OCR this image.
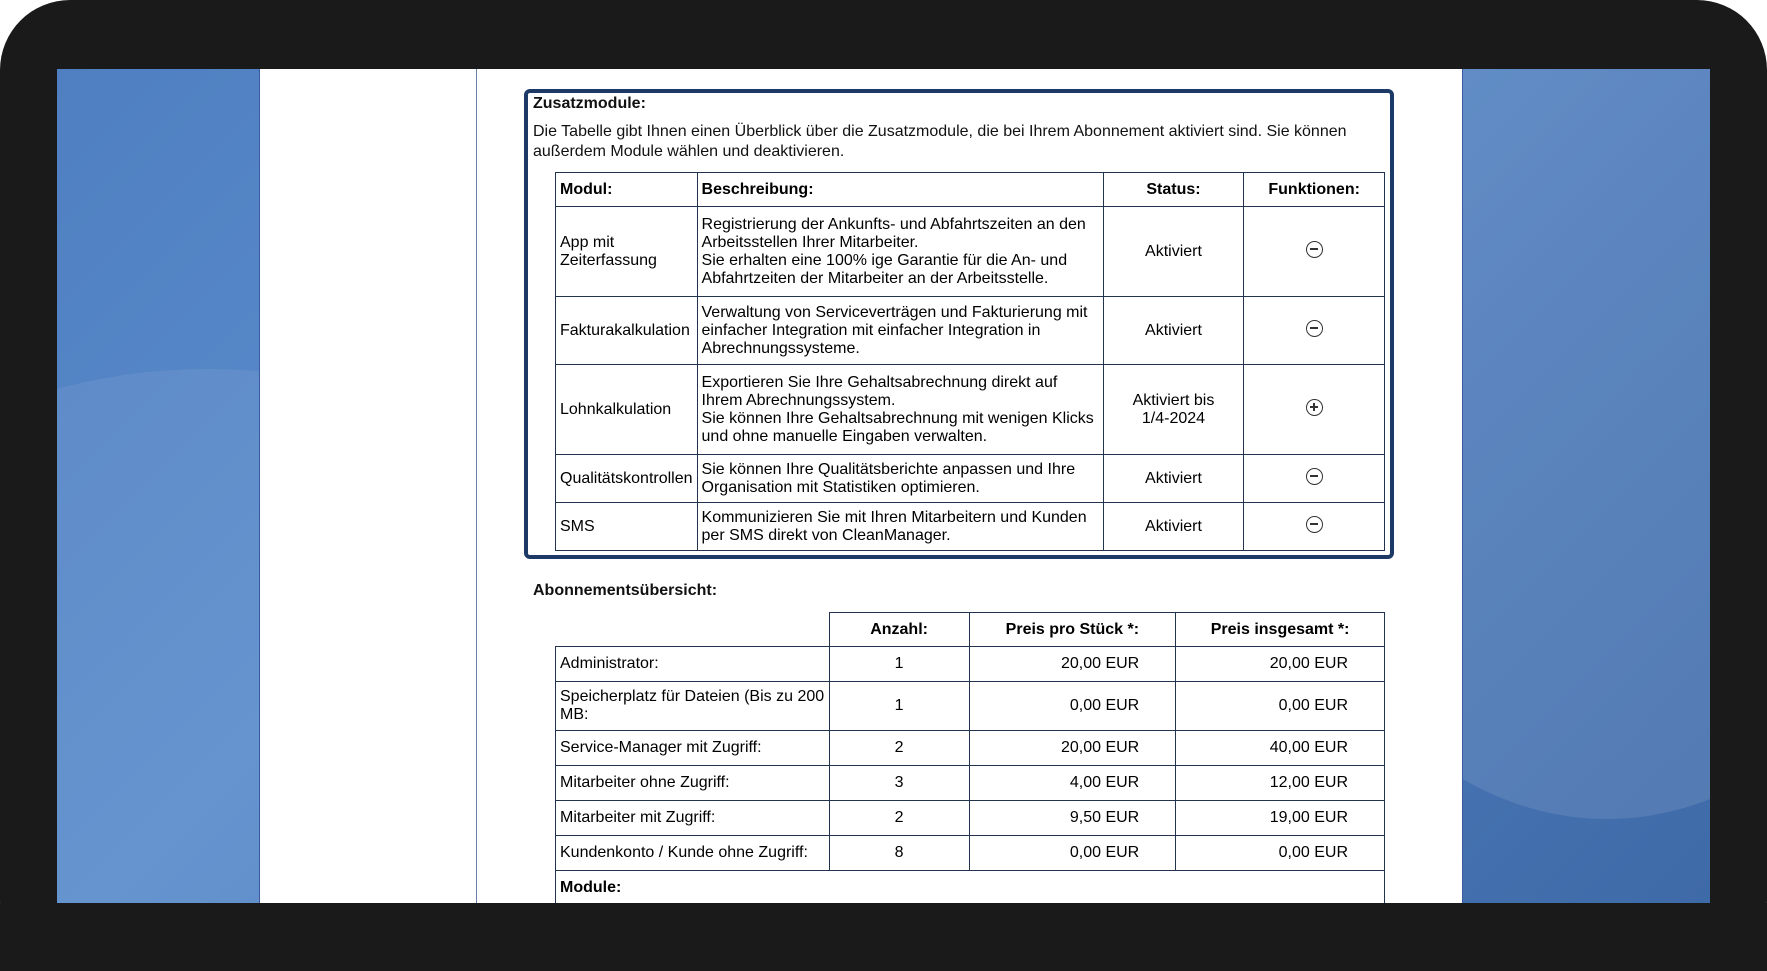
Zusatzmodule:
Die Tabelle gibt Ihnen einen Überblick über die Zusatzmodule, die bei Ihrem Abonnement aktiviert sind. Sie können außerdem Module wählen und deaktivieren.
Modul:	Beschreibung:	Status:	Funktionen:
App mit Zeiterfassung	Registrierung der Ankunfts- und Abfahrtszeiten an den Arbeitsstellen Ihrer Mitarbeiter.
Sie erhalten eine 100% ige Garantie für die An- und Abfahrtzeiten der Mitarbeiter an der Arbeitsstelle.	Aktiviert	
Fakturakalkulation	Verwaltung von Serviceverträgen und Fakturierung mit einfacher Integration mit einfacher Integration in Abrechnungssysteme.	Aktiviert	
Lohnkalkulation	Exportieren Sie Ihre Gehaltsabrechnung direkt auf Ihrem Abrechnungssystem.
Sie können Ihre Gehaltsabrechnung mit wenigen Klicks und ohne manuelle Eingaben verwalten.	Aktiviert bis 1/4-2024	
Qualitätskontrollen	Sie können Ihre Qualitätsberichte anpassen und Ihre Organisation mit Statistiken optimieren.	Aktiviert	
SMS	Kommunizieren Sie mit Ihren Mitarbeitern und Kunden per SMS direkt von CleanManager.	Aktiviert	
Abonnementsübersicht:
	Anzahl:	Preis pro Stück *:	Preis insgesamt *:
Administrator:	1	20,00 EUR	20,00 EUR
Speicherplatz für Dateien (Bis zu 200 MB:	1	0,00 EUR	0,00 EUR
Service-Manager mit Zugriff:	2	20,00 EUR	40,00 EUR
Mitarbeiter ohne Zugriff:	3	4,00 EUR	12,00 EUR
Mitarbeiter mit Zugriff:	2	9,50 EUR	19,00 EUR
Kundenkonto / Kunde ohne Zugriff:	8	0,00 EUR	0,00 EUR
Module:			
